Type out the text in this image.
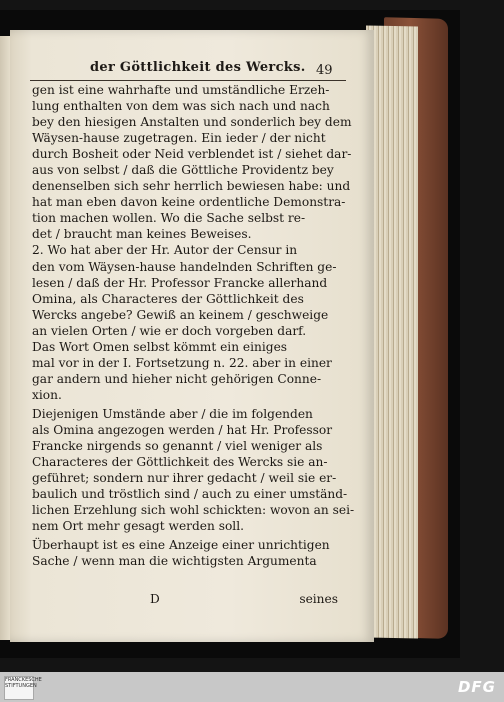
der Göttlichkeit des Wercks. 49
gen ist eine wahrhafte und umständliche Erzeh-
lung enthalten von dem was sich nach und nach
bey den hiesigen Anstalten und sonderlich bey dem
Wäysen-hause zugetragen. Ein ieder / der nicht
durch Bosheit oder Neid verblendet ist / siehet dar-
aus von selbst / daß die Göttliche Providentz bey
denenselben sich sehr herrlich bewiesen habe: und
hat man eben davon keine ordentliche Demonstra-
tion machen wollen. Wo die Sache selbst re-
det / braucht man keines Beweises.
2. Wo hat aber der Hr. Autor der Censur in
den vom Wäysen-hause handelnden Schriften ge-
lesen / daß der Hr. Professor Francke allerhand
Omina, als Characteres der Göttlichkeit des
Wercks angebe? Gewiß an keinem / geschweige
an vielen Orten / wie er doch vorgeben darf.
Das Wort Omen selbst kömmt ein einiges
mal vor in der I. Fortsetzung n. 22. aber in einer
gar andern und hieher nicht gehörigen Conne-
xion.
Diejenigen Umstände aber / die im folgenden
als Omina angezogen werden / hat Hr. Professor
Francke nirgends so genannt / viel weniger als
Characteres der Göttlichkeit des Wercks sie an-
geführet; sondern nur ihrer gedacht / weil sie er-
baulich und tröstlich sind / auch zu einer umständ-
lichen Erzehlung sich wohl schickten: wovon an sei-
nem Ort mehr gesagt werden soll.
Überhaupt ist es eine Anzeige einer unrichtigen
Sache / wenn man die wichtigsten Argumenta
D	seines
FRANCKESCHE STIFTUNGEN	DFG
